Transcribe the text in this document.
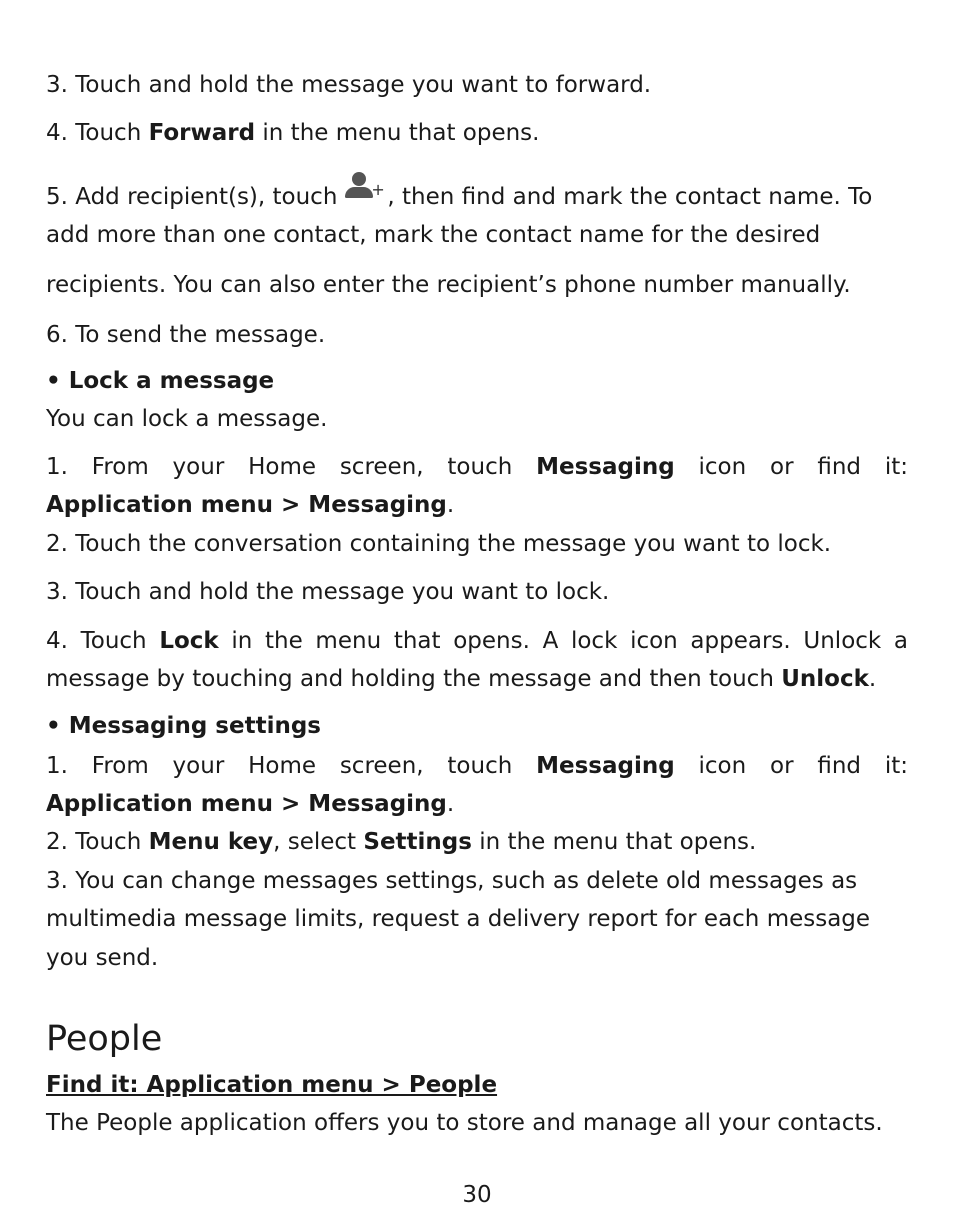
3. Touch and hold the message you want to forward.
4. Touch Forward in the menu that opens.
5. Add recipient(s), touch + , then find and mark the contact name. To
add more than one contact, mark the contact name for the desired
recipients. You can also enter the recipient’s phone number manually.
6. To send the message.
• Lock a message
You can lock a message.
1. From your Home screen, touch Messaging icon or find it:
Application menu > Messaging.
2. Touch the conversation containing the message you want to lock.
3. Touch and hold the message you want to lock.
4. Touch Lock in the menu that opens. A lock icon appears. Unlock a
message by touching and holding the message and then touch Unlock.
• Messaging settings
1. From your Home screen, touch Messaging icon or find it:
Application menu > Messaging.
2. Touch Menu key, select Settings in the menu that opens.
3. You can change messages settings, such as delete old messages as
multimedia message limits, request a delivery report for each message
you send.
People
Find it: Application menu > People
The People application offers you to store and manage all your contacts.
30
